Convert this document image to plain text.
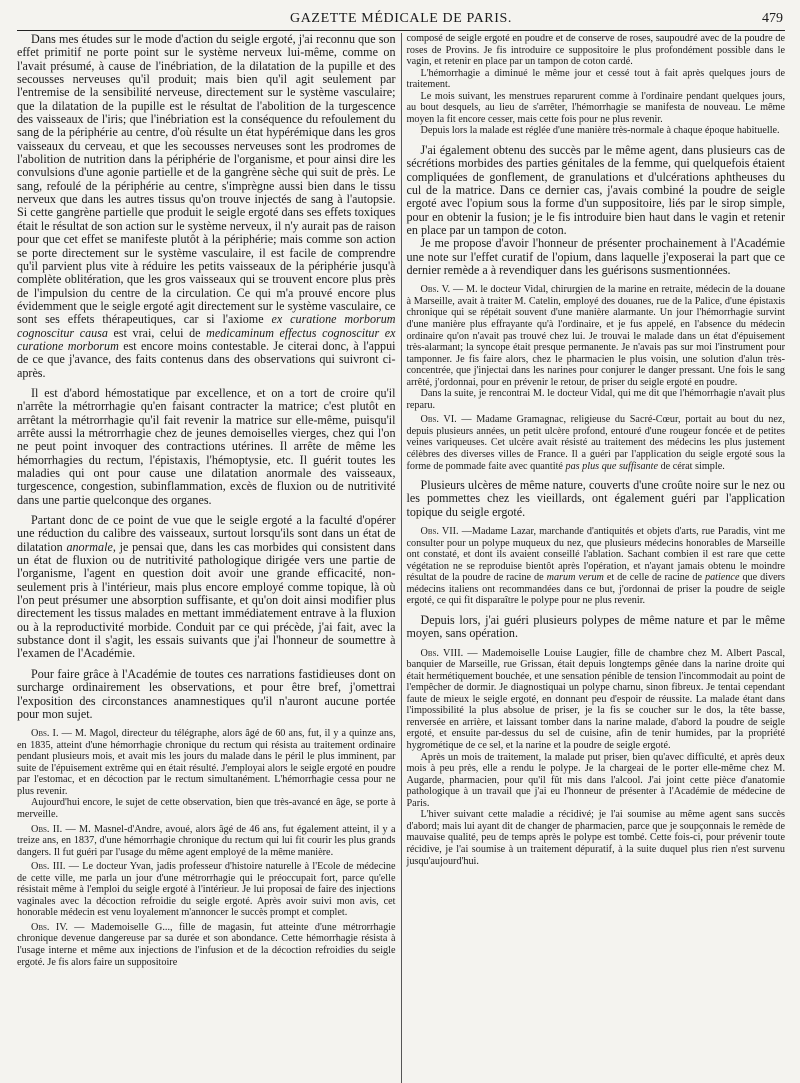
GAZETTE MÉDICALE DE PARIS.	479

Dans mes études sur le mode d'action du seigle ergoté, j'ai reconnu que son effet primitif ne porte point sur le système nerveux lui-même, comme on l'avait présumé, à cause de l'inébriation, de la dilatation de la pupille et des secousses nerveuses qu'il produit; mais bien qu'il agit seulement par l'entremise de la sensibilité nerveuse, directement sur le système vasculaire; que la dilatation de la pupille est le résultat de l'abolition de la turgescence des vaisseaux de l'iris; que l'inébriation est la conséquence du refoulement du sang de la périphérie au centre, d'où résulte un état hypérémique dans les gros vaisseaux du cerveau, et que les secousses nerveuses sont les prodromes de l'abolition de nutrition dans la périphérie de l'organisme, et pour ainsi dire les convulsions d'une agonie partielle et de la gangrène sèche qui suit de près. Le sang, refoulé de la périphérie au centre, s'imprègne aussi bien dans le tissu nerveux que dans les autres tissus qu'on trouve injectés de sang à l'autopsie. Si cette gangrène partielle que produit le seigle ergoté dans ses effets toxiques était le résultat de son action sur le système nerveux, il n'y aurait pas de raison pour que cet effet se manifeste plutôt à la périphérie; mais comme son action se porte directement sur le système vasculaire, il est facile de comprendre qu'il parvient plus vite à réduire les petits vaisseaux de la périphérie jusqu'à complète oblitération, que les gros vaisseaux qui se trouvent encore plus près de l'impulsion du centre de la circulation. Ce qui m'a prouvé encore plus évidemment que le seigle ergoté agit directement sur le système vasculaire, ce sont ses effets thérapeutiques, car si l'axiome ex curatione morborum cognoscitur causa est vrai, celui de medicaminum effectus cognoscitur ex curatione morborum est encore moins contestable. Je citerai donc, à l'appui de ce que j'avance, des faits contenus dans des observations qui suivront ci-après.

Il est d'abord hémostatique par excellence, et on a tort de croire qu'il n'arrête la métrorrhagie qu'en faisant contracter la matrice; c'est plutôt en arrêtant la métrorrhagie qu'il fait revenir la matrice sur elle-même, puisqu'il arrête aussi la métrorrhagie chez de jeunes demoiselles vierges, chez qui l'on ne peut point invoquer des contractions utérines. Il arrête de même les hémorrhagies du rectum, l'épistaxis, l'hémoptysie, etc. Il guérit toutes les maladies qui ont pour cause une dilatation anormale des vaisseaux, turgescence, congestion, subinflammation, excès de fluxion ou de nutritivité dans une partie quelconque des organes.

Partant donc de ce point de vue que le seigle ergoté a la faculté d'opérer une réduction du calibre des vaisseaux, surtout lorsqu'ils sont dans un état de dilatation anormale, je pensai que, dans les cas morbides qui consistent dans un état de fluxion ou de nutritivité pathologique dirigée vers une partie de l'organisme, l'agent en question doit avoir une grande efficacité, non-seulement pris à l'intérieur, mais plus encore employé comme topique, là où l'on peut présumer une absorption suffisante, et qu'on doit ainsi modifier plus directement les tissus malades en mettant immédiatement entrave à la fluxion ou à la reproductivité morbide. Conduit par ce qui précède, j'ai fait, avec la substance dont il s'agit, les essais suivants que j'ai l'honneur de soumettre à l'examen de l'Académie.

Pour faire grâce à l'Académie de toutes ces narrations fastidieuses dont on surcharge ordinairement les observations, et pour être bref, j'omettrai l'exposition des circonstances anamnestiques qu'il n'auront aucune portée pour mon sujet.

Obs. I. — M. Magol, directeur du télégraphe, alors âgé de 60 ans, fut, il y a quinze ans, en 1835, atteint d'une hémorrhagie chronique du rectum qui résista au traitement ordinaire pendant plusieurs mois, et avait mis les jours du malade dans le péril le plus imminent, par suite de l'épuisement extrême qui en était résulté. J'employai alors le seigle ergoté en poudre par l'estomac, et en décoction par le rectum simultanément. L'hémorrhagie cessa pour ne plus revenir.

Aujourd'hui encore, le sujet de cette observation, bien que très-avancé en âge, se porte à merveille.

Obs. II. — M. Masnel-d'Andre, avoué, alors âgé de 46 ans, fut également atteint, il y a treize ans, en 1837, d'une hémorrhagie chronique du rectum qui lui fit courir les plus grands dangers. Il fut guéri par l'usage du même agent employé de la même manière.

Obs. III. — Le docteur Yvan, jadis professeur d'histoire naturelle à l'Ecole de médecine de cette ville, me parla un jour d'une métrorrhagie qui le préoccupait fort, parce qu'elle résistait même à l'emploi du seigle ergoté à l'intérieur. Je lui proposai de faire des injections vaginales avec la décoction refroidie du seigle ergoté. Après avoir suivi mon avis, cet honorable médecin est venu loyalement m'annoncer le succès prompt et complet.

Obs. IV. — Mademoiselle G..., fille de magasin, fut atteinte d'une métrorrhagie chronique devenue dangereuse par sa durée et son abondance. Cette hémorrhagie résista à l'usage interne et même aux injections de l'infusion et de la décoction refroidies du seigle ergoté. Je fis alors faire un suppositoire

composé de seigle ergoté en poudre et de conserve de roses, saupoudré avec de la poudre de roses de Provins. Je fis introduire ce suppositoire le plus profondément possible dans le vagin, et retenir en place par un tampon de coton cardé.

L'hémorrhagie a diminué le même jour et cessé tout à fait après quelques jours de traitement.

Le mois suivant, les menstrues reparurent comme à l'ordinaire pendant quelques jours, au bout desquels, au lieu de s'arrêter, l'hémorrhagie se manifesta de nouveau. Le même moyen la fit encore cesser, mais cette fois pour ne plus revenir.

Depuis lors la malade est réglée d'une manière très-normale à chaque époque habituelle.

J'ai également obtenu des succès par le même agent, dans plusieurs cas de sécrétions morbides des parties génitales de la femme, qui quelquefois étaient compliquées de gonflement, de granulations et d'ulcérations aphtheuses du cul de la matrice. Dans ce dernier cas, j'avais combiné la poudre de seigle ergoté avec l'opium sous la forme d'un suppositoire, liés par le sirop simple, pour en obtenir la fusion; je le fis introduire bien haut dans le vagin et retenir en place par un tampon de coton.

Je me propose d'avoir l'honneur de présenter prochainement à l'Académie une note sur l'effet curatif de l'opium, dans laquelle j'exposerai la part que ce dernier remède a à revendiquer dans les guérisons susmentionnées.

Obs. V. — M. le docteur Vidal, chirurgien de la marine en retraite, médecin de la douane à Marseille, avait à traiter M. Catelin, employé des douanes, rue de la Palice, d'une épistaxis chronique qui se répétait souvent d'une manière alarmante. Un jour l'hémorrhagie survint d'une manière plus effrayante qu'à l'ordinaire, et je fus appelé, en l'absence du médecin ordinaire qu'on n'avait pas trouvé chez lui. Je trouvai le malade dans un état d'épuisement très-alarmant; la syncope était presque permanente. Je n'avais pas sur moi l'instrument pour tamponner. Je fis faire alors, chez le pharmacien le plus voisin, une solution d'alun très-concentrée, que j'injectai dans les narines pour conjurer le danger pressant. Une fois le sang arrêté, j'ordonnai, pour en prévenir le retour, de priser du seigle ergoté en poudre.

Dans la suite, je rencontrai M. le docteur Vidal, qui me dit que l'hémorrhagie n'avait plus reparu.

Obs. VI. — Madame Gramagnac, religieuse du Sacré-Cœur, portait au bout du nez, depuis plusieurs années, un petit ulcère profond, entouré d'une rougeur foncée et de petites veines variqueuses. Cet ulcère avait résisté au traitement des médecins les plus justement célèbres des diverses villes de France. Il a guéri par l'application du seigle ergoté sous la forme de pommade faite avec quantité pas plus que suffisante de cérat simple.

Plusieurs ulcères de même nature, couverts d'une croûte noire sur le nez ou les pommettes chez les vieillards, ont également guéri par l'application topique du seigle ergoté.

Obs. VII. —Madame Lazar, marchande d'antiquités et objets d'arts, rue Paradis, vint me consulter pour un polype muqueux du nez, que plusieurs médecins honorables de Marseille ont constaté, et dont ils avaient conseillé l'ablation. Sachant combien il est rare que cette végétation ne se reproduise bientôt après l'opération, et n'ayant jamais obtenu le moindre résultat de la poudre de racine de marum verum et de celle de racine de patience que divers médecins italiens ont recommandées dans ce but, j'ordonnai de priser la poudre de seigle ergoté, ce qui fit disparaître le polype pour ne plus revenir.

Depuis lors, j'ai guéri plusieurs polypes de même nature et par le même moyen, sans opération.

Obs. VIII. — Mademoiselle Louise Laugier, fille de chambre chez M. Albert Pascal, banquier de Marseille, rue Grissan, était depuis longtemps gênée dans la narine droite qui était hermétiquement bouchée, et une sensation pénible de tension l'incommodait au point de l'empêcher de dormir. Je diagnostiquai un polype charnu, sinon fibreux. Je tentai cependant faute de mieux le seigle ergoté, en donnant peu d'espoir de réussite. La malade étant dans l'impossibilité la plus absolue de priser, je la fis se coucher sur le dos, la tête basse, renversée en arrière, et laissant tomber dans la narine malade, d'abord la poudre de seigle ergoté, et ensuite par-dessus du sel de cuisine, afin de tenir humides, par la propriété hygrométique de ce sel, et la narine et la poudre de seigle ergoté.

Après un mois de traitement, la malade put priser, bien qu'avec difficulté, et après deux mois à peu près, elle a rendu le polype. Je la chargeai de le porter elle-même chez M. Augarde, pharmacien, pour qu'il fût mis dans l'alcool. J'ai joint cette pièce d'anatomie pathologique à un travail que j'ai eu l'honneur de présenter à l'Académie de médecine de Paris.

L'hiver suivant cette maladie a récidivé; je l'ai soumise au même agent sans succès d'abord; mais lui ayant dit de changer de pharmacien, parce que je soupçonnais le remède de mauvaise qualité, peu de temps après le polype est tombé. Cette fois-ci, pour prévenir toute récidive, je l'ai soumise à un traitement dépuratif, à la suite duquel plus rien n'est survenu jusqu'aujourd'hui.
